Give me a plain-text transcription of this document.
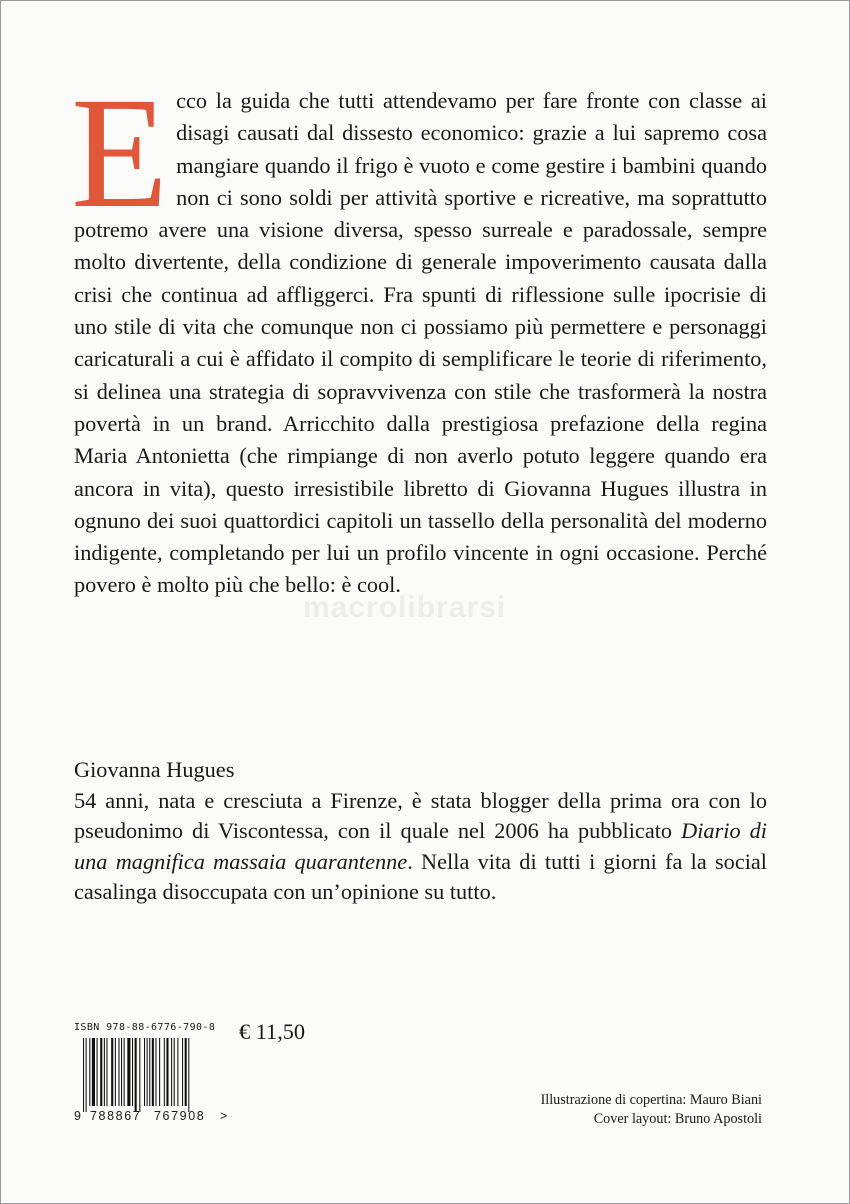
Ecco la guida che tutti attendevamo per fare fronte con classe ai disagi causati dal dissesto economico: grazie a lui sapremo cosa mangiare quando il frigo è vuoto e come gestire i bambini quando non ci sono soldi per attività sportive e ricreative, ma soprattutto potremo avere una visione diversa, spesso surreale e paradossale, sempre molto divertente, della condizione di generale impoverimento causata dalla crisi che continua ad affliggerci. Fra spunti di riflessione sulle ipocrisie di uno stile di vita che comunque non ci possiamo più permettere e personaggi caricaturali a cui è affidato il compito di semplificare le teorie di riferimento, si delinea una strategia di sopravvivenza con stile che trasformerà la nostra povertà in un brand. Arricchito dalla prestigiosa prefazione della regina Maria Antonietta (che rimpiange di non averlo potuto leggere quando era ancora in vita), questo irresistibile libretto di Giovanna Hugues illustra in ognuno dei suoi quattordici capitoli un tassello della personalità del moderno indigente, completando per lui un profilo vincente in ogni occasione. Perché povero è molto più che bello: è cool.

macrolibrarsi
Giovanna Hugues

54 anni, nata e cresciuta a Firenze, è stata blogger della prima ora con lo pseudonimo di Viscontessa, con il quale nel 2006 ha pubblicato Diario di una magnifica massaia quarantenne. Nella vita di tutti i giorni fa la social casalinga disoccupata con un’opinione su tutto.

ISBN 978-88-6776-790-8
9 788867 767908 >
€ 11,50
Illustrazione di copertina: Mauro Biani
Cover layout: Bruno Apostoli
